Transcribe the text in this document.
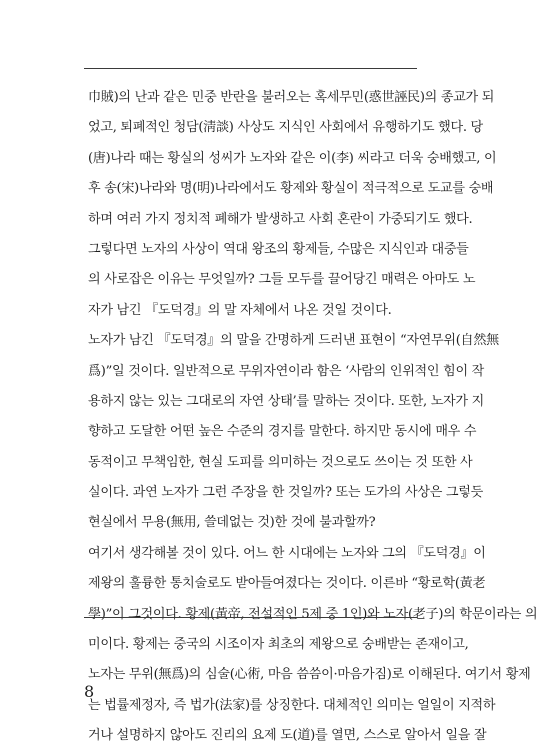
巾賊)의 난과 같은 민중 반란을 불러오는 혹세무민(惑世誣民)의 종교가 되
었고, 퇴폐적인 청담(淸談) 사상도 지식인 사회에서 유행하기도 했다. 당
(唐)나라 때는 황실의 성씨가 노자와 같은 이(李) 씨라고 더욱 숭배했고, 이
후 송(宋)나라와 명(明)나라에서도 황제와 황실이 적극적으로 도교를 숭배
하며 여러 가지 정치적 폐해가 발생하고 사회 혼란이 가중되기도 했다.
그렇다면 노자의 사상이 역대 왕조의 황제들, 수많은 지식인과 대중들
의 사로잡은 이유는 무엇일까? 그들 모두를 끌어당긴 매력은 아마도 노
자가 남긴 『도덕경』의 말 자체에서 나온 것일 것이다.
노자가 남긴 『도덕경』의 말을 간명하게 드러낸 표현이 “자연무위(自然無
爲)”일 것이다. 일반적으로 무위자연이라 함은 ‘사람의 인위적인 힘이 작
용하지 않는 있는 그대로의 자연 상태’를 말하는 것이다. 또한, 노자가 지
향하고 도달한 어떤 높은 수준의 경지를 말한다. 하지만 동시에 매우 수
동적이고 무책임한, 현실 도피를 의미하는 것으로도 쓰이는 것 또한 사
실이다. 과연 노자가 그런 주장을 한 것일까? 또는 도가의 사상은 그렇듯
현실에서 무용(無用, 쓸데없는 것)한 것에 불과할까?
여기서 생각해볼 것이 있다. 어느 한 시대에는 노자와 그의 『도덕경』이
제왕의 훌륭한 통치술로도 받아들여졌다는 것이다. 이른바 “황로학(黃老
學)”이 그것이다. 황제(黃帝, 전설적인 5제 중 1인)와 노자(老子)의 학문이라는 의
미이다. 황제는 중국의 시조이자 최초의 제왕으로 숭배받는 존재이고,
노자는 무위(無爲)의 심술(心術, 마음 씀씀이·마음가짐)로 이해된다. 여기서 황제
는 법률제정자, 즉 법가(法家)를 상징한다. 대체적인 의미는 얼일이 지적하
거나 설명하지 않아도 진리의 요제 도(道)를 열면, 스스로 알아서 일을 잘
8
